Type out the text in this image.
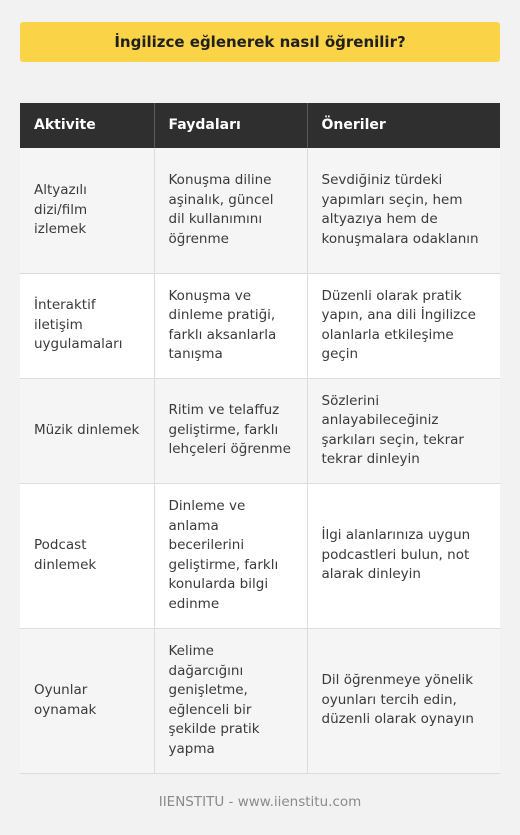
İngilizce eğlenerek nasıl öğrenilir?
Aktivite	Faydaları	Öneriler
Altyazılı dizi/film izlemek	Konuşma diline aşinalık, güncel dil kullanımını öğrenme	Sevdiğiniz türdeki yapımları seçin, hem altyazıya hem de konuşmalara odaklanın
İnteraktif iletişim uygulamaları	Konuşma ve dinleme pratiği, farklı aksanlarla tanışma	Düzenli olarak pratik yapın, ana dili İngilizce olanlarla etkileşime geçin
Müzik dinlemek	Ritim ve telaffuz geliştirme, farklı lehçeleri öğrenme	Sözlerini anlayabileceğiniz şarkıları seçin, tekrar tekrar dinleyin
Podcast dinlemek	Dinleme ve anlama becerilerini geliştirme, farklı konularda bilgi edinme	İlgi alanlarınıza uygun podcastleri bulun, not alarak dinleyin
Oyunlar oynamak	Kelime dağarcığını genişletme, eğlenceli bir şekilde pratik yapma	Dil öğrenmeye yönelik oyunları tercih edin, düzenli olarak oynayın
IIENSTITU - www.iienstitu.com
